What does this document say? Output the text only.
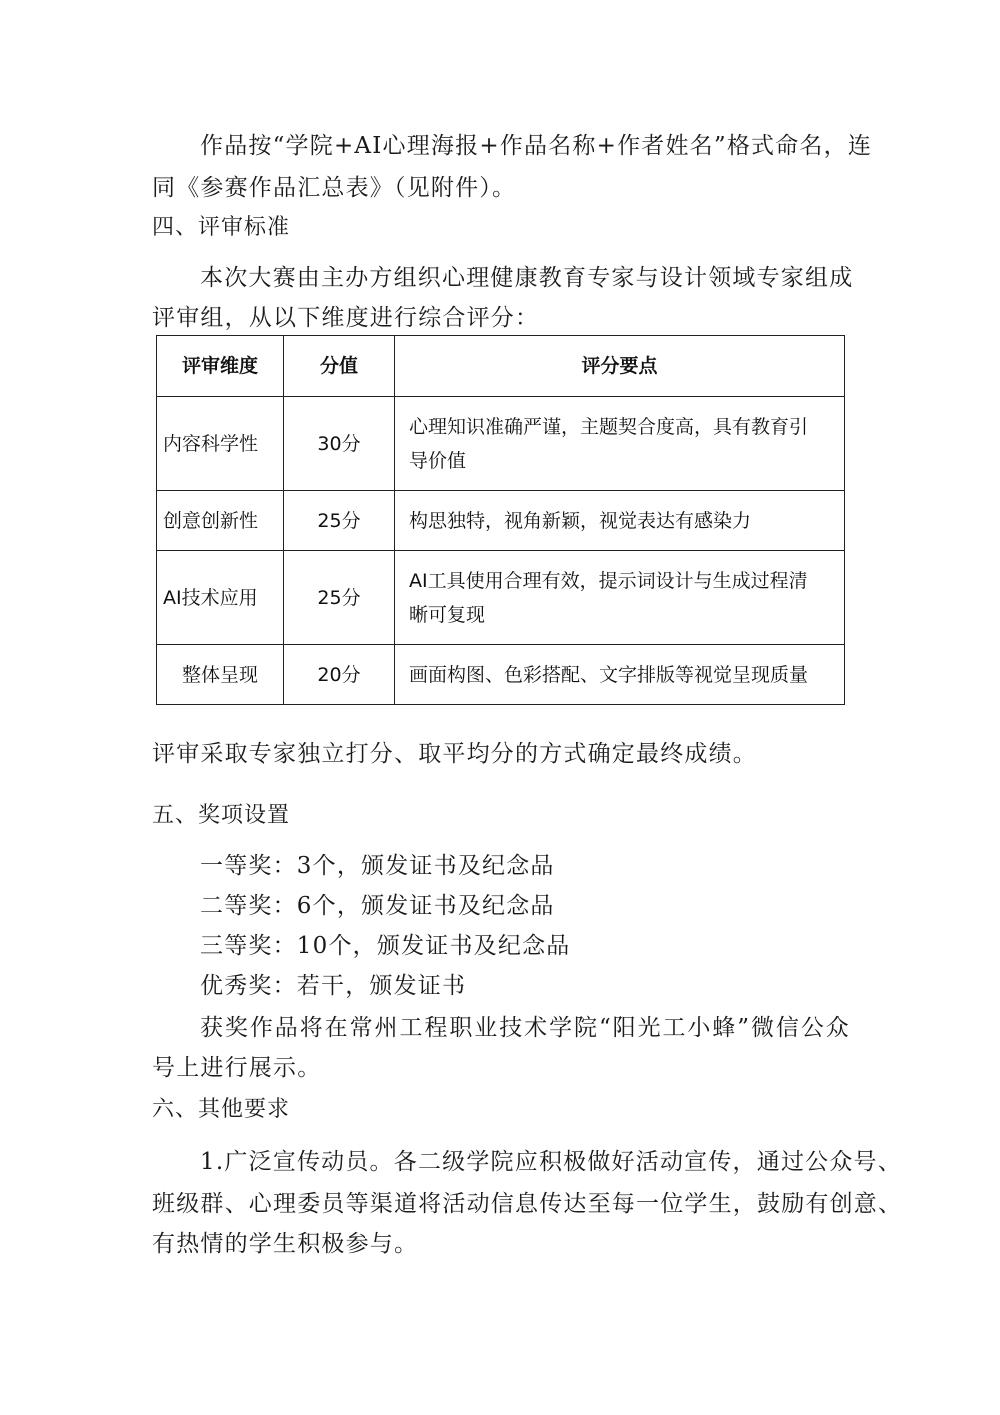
作品按“学院+AI心理海报+作品名称+作者姓名”格式命名，连
同《参赛作品汇总表》（见附件）。
四、评审标准
本次大赛由主办方组织心理健康教育专家与设计领域专家组成
评审组，从以下维度进行综合评分：
评审维度	分值	评分要点
内容科学性	30分	心理知识准确严谨，主题契合度高，具有教育引
导价值

创意创新性	25分	构思独特，视角新颖，视觉表达有感染力

AI技术应用	25分	AI工具使用合理有效，提示词设计与生成过程清
晰可复现

整体呈现	20分	画面构图、色彩搭配、文字排版等视觉呈现质量
评审采取专家独立打分、取平均分的方式确定最终成绩。
五、奖项设置
一等奖：3个，颁发证书及纪念品
二等奖：6个，颁发证书及纪念品
三等奖：10个，颁发证书及纪念品
优秀奖：若干，颁发证书
获奖作品将在常州工程职业技术学院“阳光工小蜂”微信公众
号上进行展示。
六、其他要求
1.广泛宣传动员。各二级学院应积极做好活动宣传，通过公众号、
班级群、心理委员等渠道将活动信息传达至每一位学生，鼓励有创意、
有热情的学生积极参与。
